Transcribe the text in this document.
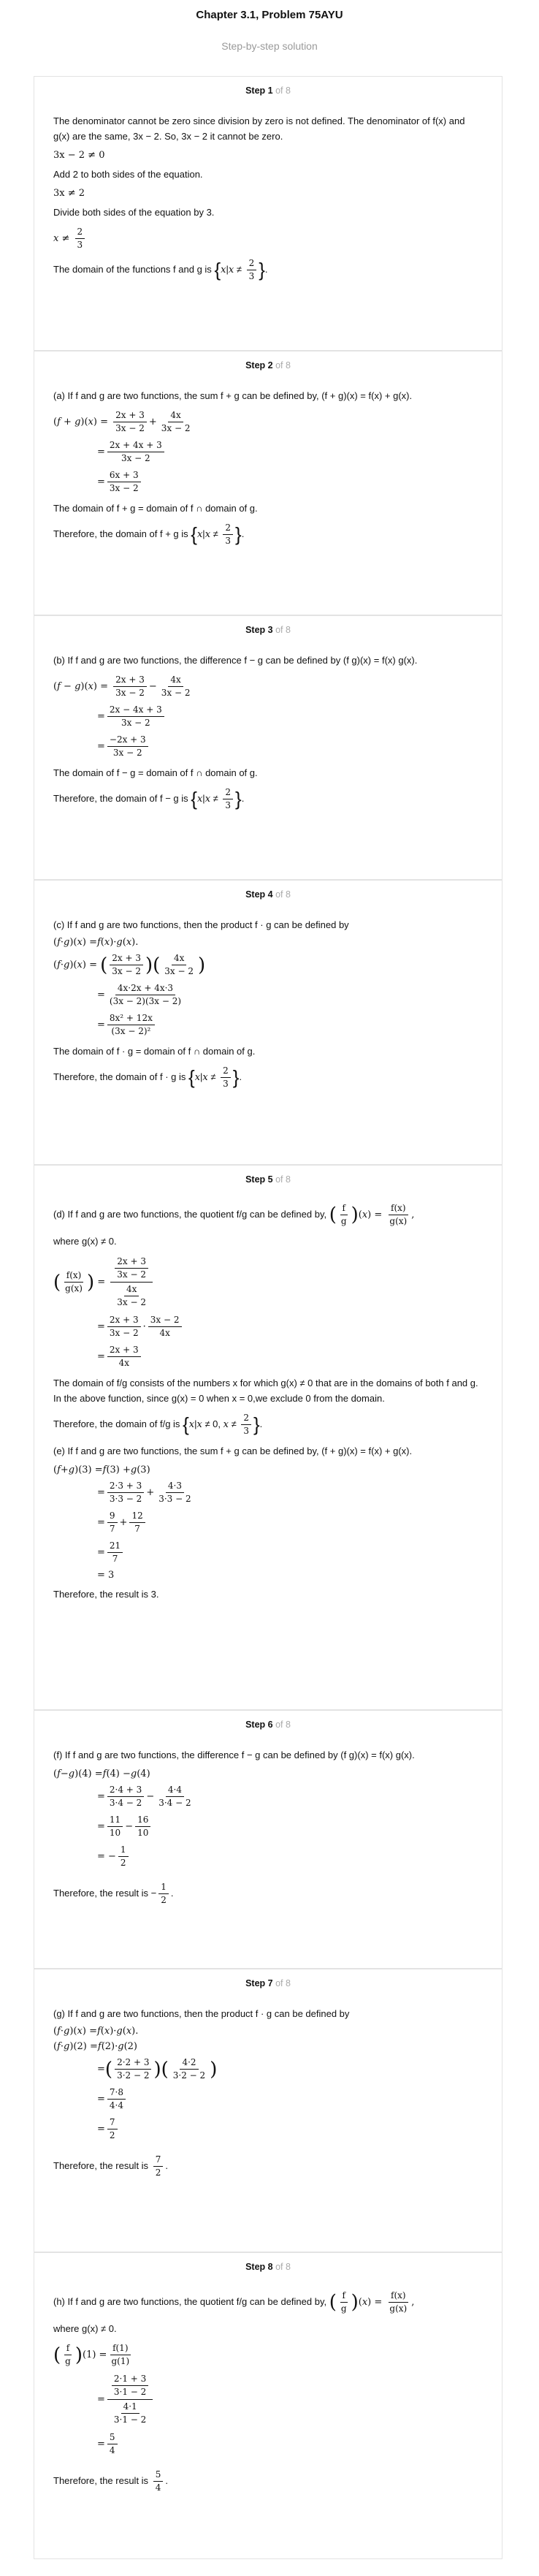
Chapter 3.1, Problem 75AYU
Step-by-step solution
Step 1 of 8

The denominator cannot be zero since division by zero is not defined. The denominator of f(x) and g(x) are the same, 3x − 2. So, 3x − 2 it cannot be zero.

3x − 2 ≠ 0

Add 2 to both sides of the equation.

3x ≠ 2

Divide both sides of the equation by 3.

$x \ne \frac{2}{3}$

The domain of the functions f and g is {$x|x \ne \frac{2}{3}$ }.

Step 2 of 8

(a) If f and g are two functions, the sum f + g can be defined by, (f + g)(x) = f(x) + g(x).

$(f + g)(x) = \frac{2x + 3}{3x - 2} + \frac{4x}{3x - 2}$
= $\frac{2x + 4x + 3}{3x - 2}$
= $\frac{6x + 3}{3x - 2}$

The domain of f + g = domain of f ∩ domain of g.

Therefore, the domain of f + g is {$x|x \ne \frac{2}{3}$ }.

Step 3 of 8

(b) If f and g are two functions, the difference f − g can be defined by (f g)(x) = f(x) g(x).

$(f - g)(x) = \frac{2x + 3}{3x - 2} - \frac{4x}{3x - 2}$
= $\frac{2x - 4x + 3}{3x - 2}$
= $\frac{-2x + 3}{3x - 2}$

The domain of f − g = domain of f ∩ domain of g.

Therefore, the domain of f − g is {$x|x \ne \frac{2}{3}$ }.

Step 4 of 8

(c) If f and g are two functions, then the product f · g can be defined by

( f · g )( x ) = f ( x )· g ( x ).
(f·g)(x) = ( $\frac{2x + 3}{3x - 2}$ ) ( $\frac{4x}{3x - 2}$ )
= $\frac{4x\cdot 2x + 4x\cdot 3}{(3x - 2)(3x - 2)}$
= $\frac{\text{8x² + 12x}}{\text{(3x − 2)²}}$

The domain of f · g = domain of f ∩ domain of g.

Therefore, the domain of f · g is {$x|x \ne \frac{2}{3}$ }.

Step 5 of 8

(d) If f and g are two functions, the quotient f/g can be defined by, ( $\frac{f}{g} )(x) = \frac{f(x)}{g(x)}$ ,

where g(x) ≠ 0.

( $\frac{f(x)}{g(x)}$ ) = $\frac{\frac{2x + 3}{3x - 2}}{\frac{4x}{3x - 2}}$
= $\frac{2x + 3}{3x - 2} \cdot \frac{3x - 2}{4x}$
= $\frac{2x + 3}{4x}$

The domain of f/g consists of the numbers x for which g(x) ≠ 0 that are in the domains of both f and g. In the above function, since g(x) = 0 when x = 0,we exclude 0 from the domain.

Therefore, the domain of f/g is {x|x ≠ 0, $x \ne \frac{2}{3}$ }.

(e) If f and g are two functions, the sum f + g can be defined by, (f + g)(x) = f(x) + g(x).

( f + g )(3) = f (3) + g (3)
= $\frac{2\cdot 3 + 3}{3\cdot 3 - 2} + \frac{4\cdot 3}{3\cdot 3 - 2}$
= $\frac{9}{7} + \frac{12}{7}$
= $\frac{21}{7}$
= 3

Therefore, the result is 3.

Step 6 of 8

(f) If f and g are two functions, the difference f − g can be defined by (f g)(x) = f(x) g(x).

( f − g )(4) = f (4) − g (4)
= $\frac{2\cdot 4 + 3}{3\cdot 4 - 2} - \frac{4\cdot 4}{3\cdot 4 - 2}$
= $\frac{11}{10} - \frac{16}{10}$
= − $\frac{1}{2}$

Therefore, the result is − $\frac{1}{2}$ .

Step 7 of 8

(g) If f and g are two functions, then the product f · g can be defined by

( f · g )( x ) = f ( x )· g ( x ).
( f · g )(2) = f (2)· g (2)
= ( $\frac{2\cdot 2 + 3}{3\cdot 2 - 2}$ ) ( $\frac{4\cdot 2}{3\cdot 2 - 2}$ )
= $\frac{7\cdot 8}{4\cdot 4}$
= $\frac{7}{2}$

Therefore, the result is $\frac{7}{2}$ .

Step 8 of 8

(h) If f and g are two functions, the quotient f/g can be defined by, ( $\frac{f}{g} )(x) = \frac{f(x)}{g(x)}$ ,

where g(x) ≠ 0.

( $\frac{f}{g}$ ) $(1) = \frac{f(1)}{g(1)}$
= $\frac{\frac{2\cdot 1 + 3}{3\cdot 1 - 2}}{\frac{4\cdot 1}{3\cdot 1 - 2}}$
= $\frac{5}{4}$

Therefore, the result is $\frac{5}{4}$ .
